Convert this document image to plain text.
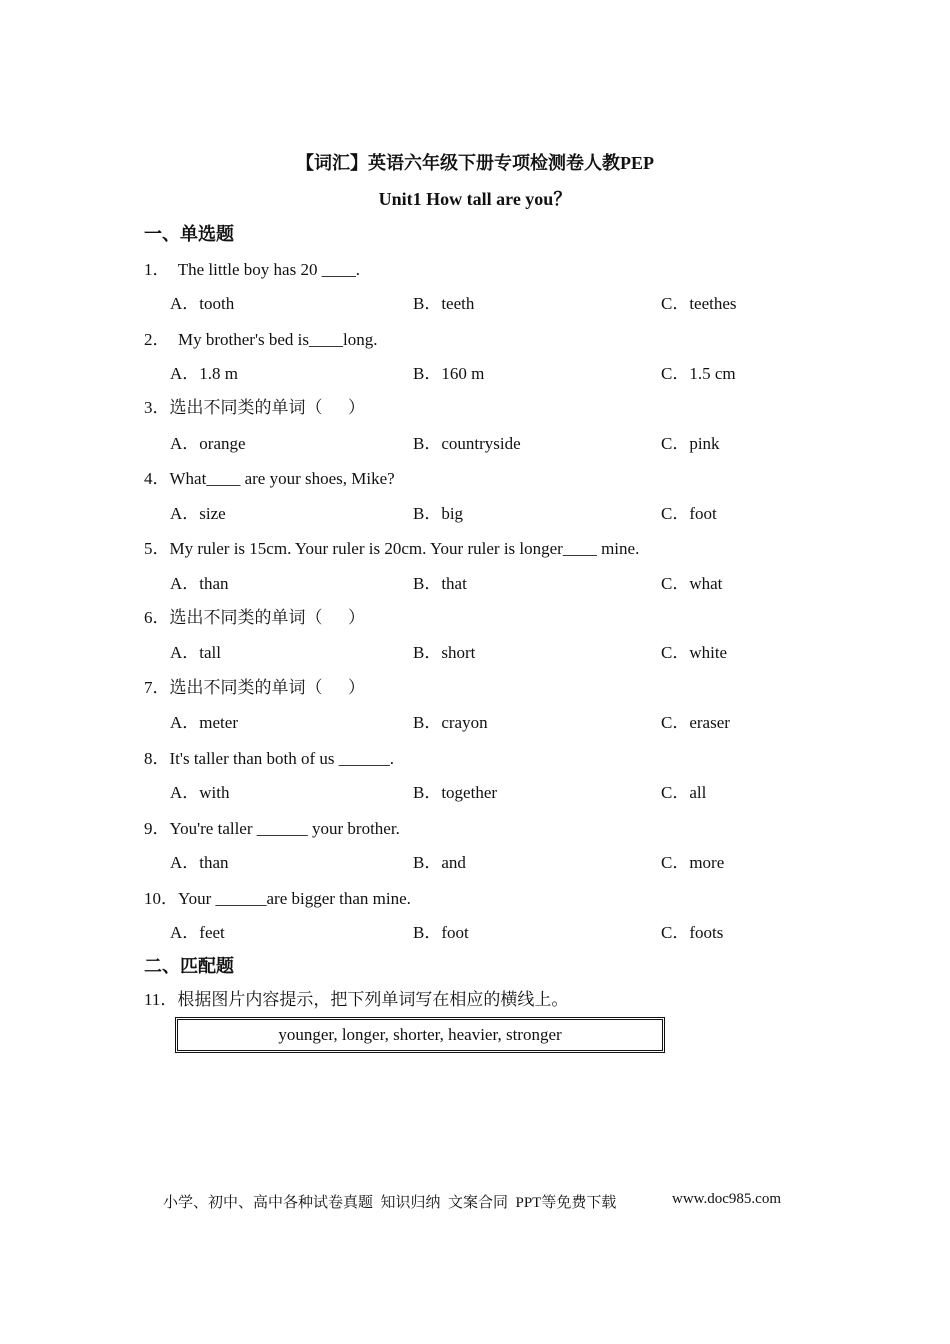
【词汇】英语六年级下册专项检测卷人教PEP
Unit1 How tall are you？
一、单选题
1．  The little boy has 20 ____.
A．tooth	B．teeth	C．teethes
2．  My brother's bed is____long.
A．1.8 m	B．160 m	C．1.5 cm
3．选出不同类的单词（      ）
A．orange	B．countryside	C．pink
4．What____ are your shoes, Mike?
A．size	B．big	C．foot
5．My ruler is 15cm. Your ruler is 20cm. Your ruler is longer____ mine.
A．than	B．that	C．what
6．选出不同类的单词（      ）
A．tall	B．short	C．white
7．选出不同类的单词（      ）
A．meter	B．crayon	C．eraser
8．It's taller than both of us ______.
A．with	B．together	C．all
9．You're taller ______ your brother.
A．than	B．and	C．more
10．Your ______are bigger than mine.
A．feet	B．foot	C．foots
二、匹配题
11．根据图片内容提示，把下列单词写在相应的横线上。
younger, longer, shorter, heavier, stronger
小学、初中、高中各种试卷真题  知识归纳  文案合同  PPT等免费下载	www.doc985.com
